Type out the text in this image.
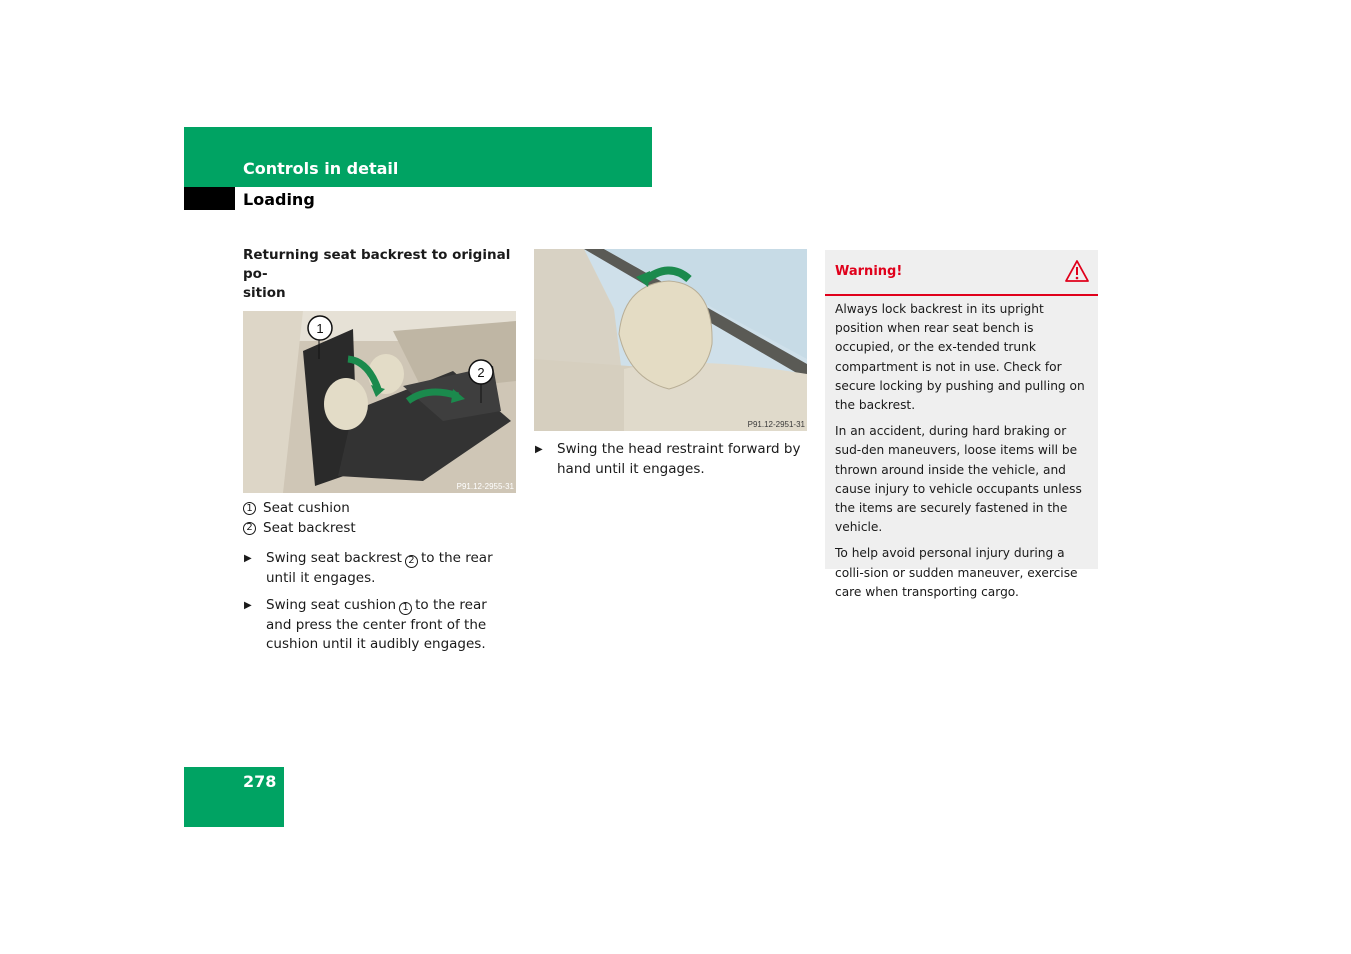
Controls in detail
Loading
Returning seat backrest to original po-
sition
1
2
P91.12-2955-31
1 Seat cushion
2 Seat backrest
▶ Swing seat backrest 2 to the rear until it engages.
▶ Swing seat cushion 1 to the rear and press the center front of the cushion until it audibly engages.
P91.12-2951-31
▶ Swing the head restraint forward by hand until it engages.
Warning!

Always lock backrest in its upright position when rear seat bench is occupied, or the ex-tended trunk compartment is not in use. Check for secure locking by pushing and pulling on the backrest.

In an accident, during hard braking or sud-den maneuvers, loose items will be thrown around inside the vehicle, and cause injury to vehicle occupants unless the items are securely fastened in the vehicle.

To help avoid personal injury during a colli-sion or sudden maneuver, exercise care when transporting cargo.

278
